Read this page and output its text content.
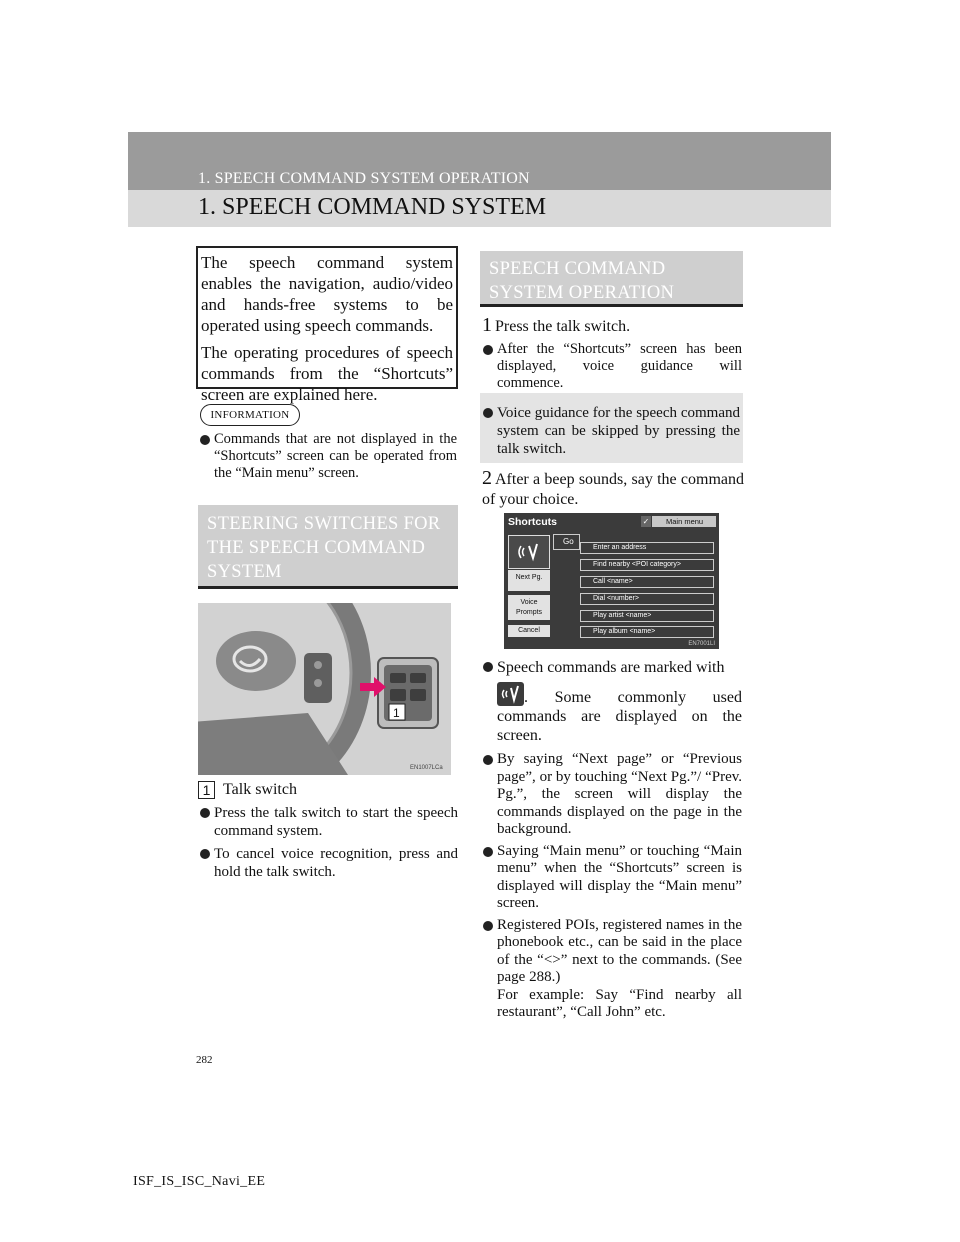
1. SPEECH COMMAND SYSTEM OPERATION
1. SPEECH COMMAND SYSTEM

The speech command system enables the navigation, audio/video and hands-free systems to be operated using speech commands.

The operating procedures of speech commands from the “Shortcuts” screen are explained here.

INFORMATION
Commands that are not displayed in the “Shortcuts” screen can be operated from the “Main menu” screen.
STEERING SWITCHES FOR THE SPEECH COMMAND SYSTEM
1
EN1007LCa
1 Talk switch
Press the talk switch to start the speech command system.
To cancel voice recognition, press and hold the talk switch.
SPEECH COMMAND SYSTEM OPERATION
1 Press the talk switch.
After the “Shortcuts” screen has been displayed, voice guidance will commence.
Voice guidance for the speech command system can be skipped by pressing the talk switch.
2 After a beep sounds, say the command of your choice.
Shortcuts
✓	Main menu
Next Pg.
Voice Prompts
Cancel
Go
Enter an address
Find nearby <POI category>
Call <name>
Dial <number>
Play artist <name>
Play album <name>
EN7001LI
Speech commands are marked with
. Some commonly used commands are displayed on the screen.
By saying “Next page” or “Previous page”, or by touching “Next Pg.”/ “Prev. Pg.”, the screen will display the commands displayed on the page in the background.
Saying “Main menu” or touching “Main menu” when the “Shortcuts” screen is displayed will display the “Main menu” screen.
Registered POIs, registered names in the phonebook etc., can be said in the place of the “<>” next to the commands. (See page 288.)
For example: Say “Find nearby all restaurant”, “Call John” etc.
282
ISF_IS_ISC_Navi_EE
